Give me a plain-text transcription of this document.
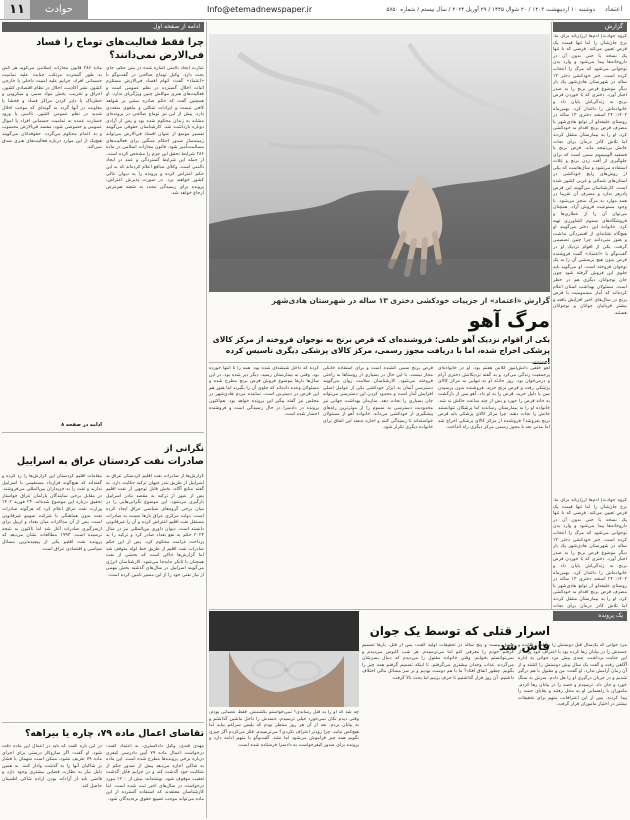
۱۱	حوادث	Info@etemadnewspaper.ir	دوشنبه ۱۰ اردیبهشت ۱۴۰۳ / ۲۰ شوال ۱۴۴۵ / ۲۹ آوریل ۲۰۲۴ / سال بیستم / شماره ۵۷۵۰	اعتماد
گزارش
گروه حوادث| آدم‌ها ارزان‌اند برای ما. نرخ جان‌شان را اما تنها قیمت یک قرص تعیین می‌کند. قرصی که با تنها یک نسخه یا حتی بدون آن در داروخانه‌ها پیدا می‌شود و وارد بدن نوجوانی می‌شود که مرگ را انتخاب کرده است. خبر خودکشی دختر ۱۳ ساله در شهرستان هادی‌شهر یک بار دیگر موضوع قرص برنج را به صدر اخبار آورد. دختری که با خوردن قرص برنج به زندگی‌اش پایان داد و خانواده‌اش را داغدار کرد. بهمن‌ماه ۱۴۰۲، ۲۴ اسفند دختری ۱۳ ساله در روستای خلیفه‌لو از توابع هادی‌شهر با مصرف قرص برنج اقدام به خودکشی کرد. او را به بیمارستان منتقل کردند اما تلاش کادر درمان برای نجات جانش بی‌نتیجه ماند. قرص برنج یا فسفید آلومینیوم سمی است که برای جلوگیری از آفت زدن برنج و غلات استفاده می‌شود و سال‌هاست که یکی از روش‌های رایج خودکشی در استان‌های شمالی و غربی کشور شده است. کارشناسان می‌گویند این قرص پادزهر ندارد و مصرف آن تقریبا در همه موارد به مرگ منجر می‌شود. با وجود ممنوعیت فروش آزاد، همچنان می‌توان آن را از عطاری‌ها و فروشگاه‌های سموم کشاورزی تهیه کرد. خانواده این دختر می‌گویند او هیچ‌گاه نشانه‌ای از افسردگی نداشت و هنوز نمی‌دانند چرا چنین تصمیمی گرفت. یکی از اقوام نزدیک او در گفت‌وگو با «اعتماد» گفت فروشنده قرص بدون هیچ پرسشی آن را به یک نوجوان فروخته است. او می‌گوید باید جلوی این فروش گرفته شود چون جان نوجوانان دیگری هم در خطر است. مسئولان بهداشت استان اعلام کرده‌اند که آمار مسمومیت با قرص برنج در سال‌های اخیر افزایش یافته و بیشتر قربانیان جوانان و نوجوانان هستند.
گزارش «اعتماد» از جزییات خودکشی دختری ۱۳ ساله در شهرستان هادی‌شهر
مرگ آهو
یکی از اقوام نزدیک آهو خلفی: فروشنده‌ای که قرص برنج به نوجوان فروخته از مرکز کالای پزشکی اخراج شده، اما با دریافت مجوز رسمی، مرکز کالای پزشکی دیگری تاسیس کرده
آهو خلفی دانش‌آموز کلاس هفتم بود. او در خانواده‌ای پرجمعیت زندگی می‌کرد و به گفته نزدیکانش دختری آرام و درس‌خوان بود. روز حادثه او به تنهایی به مرکز کالای پزشکی رفت و قرص برنج خرید. فروشنده بدون پرسیدن سن یا دلیل خرید، قرص را به او داد. آهو پس از بازگشت به خانه قرص را خورد و پس از چند ساعت حالش بد شد. خانواده او را به بیمارستان رساندند اما پزشکان نتوانستند جانش را نجات دهند. چرا مرکز کالای پزشکی باید قرص برنج بفروشد؟ فروشنده از مرکز کالای پزشکی اخراج شد اما مدتی بعد با مجوز رسمی مرکز دیگری راه انداخت.
قرص برنج سمی کشنده است و برای استفاده خانگی مجاز نیست. با این حال در بسیاری از روستاها به راحتی فروخته می‌شود. کارشناسان سلامت روان می‌گویند دسترسی آسان به ابزار خودکشی یکی از عوامل اصلی افزایش آمار است و محدود کردن این دسترسی می‌تواند جان بسیاری را نجات دهد. سازمان بهداشت جهانی نیز محدودیت دسترسی به سموم را از موثرترین راه‌های پیشگیری از خودکشی می‌داند. خانواده آهو از مسئولان خواسته‌اند تا رسیدگی کنند و اجازه ندهند این اتفاق برای خانواده دیگری تکرار شود.
کرده که داخل شیشه‌ای شده بود. همه را تا انتها خورده بود. وقتی به بیمارستان رسید، دیگر دیر شده بود. در این سال‌ها بارها موضوع فروش قرص برنج مطرح شده و مسئولان وعده داده‌اند که جلوی آن را بگیرند اما هنوز هم این قرص در دسترس است. نماینده مردم هادی‌شهر در مجلس نیز گفته پیگیر این پرونده خواهد بود. هم‌اکنون پرونده در دادسرا در حال رسیدگی است و فروشنده احضار شده است.
گروه حوادث| آدم‌ها ارزان‌اند برای ما. نرخ جان‌شان را اما تنها قیمت یک قرص تعیین می‌کند. قرصی که با تنها یک نسخه یا حتی بدون آن در داروخانه‌ها پیدا می‌شود و وارد بدن نوجوانی می‌شود که مرگ را انتخاب کرده است. خبر خودکشی دختر ۱۳ ساله در شهرستان هادی‌شهر یک بار دیگر موضوع قرص برنج را به صدر اخبار آورد. دختری که با خوردن قرص برنج به زندگی‌اش پایان داد و خانواده‌اش را داغدار کرد. بهمن‌ماه ۱۴۰۲، ۲۴ اسفند دختری ۱۳ ساله در روستای خلیفه‌لو از توابع هادی‌شهر با مصرف قرص برنج اقدام به خودکشی کرد. او را به بیمارستان منتقل کردند اما تلاش کادر درمان برای نجات
ادامه از صفحه اول
چرا فقط فعالیت‌های توماج را فساد فی‌الارض نمی‌دانند؟
عبارت ایجاد ناامنی اشاره شده در متن حکم، جای بحث دارد. وکیل توماج صالحی در گفت‌وگو با «اعتماد» گفت: اتهام افساد فی‌الارض مستلزم اثبات اخلال گسترده در نظم عمومی است و فعالیت‌های هنری موکلش چنین ویژگی‌ای ندارد. او همچنین گفت که حکم صادره مبتنی بر شواهد کافی نیست و ایرادات شکلی و ماهوی متعددی دارد. پیش از این نیز توماج صالحی در پرونده‌ای مشابه به زندان محکوم شده بود و پس از آزادی دوباره بازداشت شد. کارشناسان حقوقی می‌گویند تفسیر موسع از عنوان افساد فی‌الارض می‌تواند زمینه‌ساز صدور احکام سنگین برای فعالیت‌های مسالمت‌آمیز شود. قانون مجازات اسلامی در ماده ۲۸۶ شرایط تحقق این جرم را مشخص کرده است. از جمله این شرایط گستردگی و عمد در ایجاد ناامنی است. وکلای مدافع اعلام کرده‌اند که به این حکم اعتراض کرده و پرونده را به دیوان عالی کشور خواهند برد. در صورت پذیرش اعتراض، پرونده برای رسیدگی مجدد به شعبه هم‌عرض ارجاع خواهد شد.
ماده ۲۸۶ قانون مجازات اسلامی می‌گوید هر کس به طور گسترده مرتکب جنایت علیه تمامیت جسمانی افراد، جرایم علیه امنیت داخلی یا خارجی کشور، نشر اکاذیب، اخلال در نظام اقتصادی کشور، احراق و تخریب، پخش مواد سمی و میکروبی و خطرناک یا دایر کردن مراکز فساد و فحشا یا معاونت در آنها گردد به گونه‌ای که موجب اخلال شدید در نظم عمومی کشور، ناامنی یا ورود خسارت عمده به تمامیت جسمانی افراد یا اموال عمومی و خصوصی شود، مفسد فی‌الارض محسوب و به اعدام محکوم می‌گردد. حقوقدانان می‌گویند هیچ‌یک از این موارد درباره فعالیت‌های هنری صدق نمی‌کند.
ادامه در صفحه ۸
نگرانی از
صادرات نفت کردستان عراق به اسراییل
گزارش‌ها از صادرات نفت اقلیم کردستان عراق به اسراییل از طریق بندر جیهان ترکیه حکایت دارد. به گفته منابع آگاه، بخش قابل توجهی از نفت اقلیم پس از عبور از ترکیه به مقصد بنادر اسراییل بارگیری می‌شود. این موضوع نگرانی‌هایی را در میان برخی گروه‌های سیاسی عراق ایجاد کرده است. دولت مرکزی عراق بارها نسبت به صادرات مستقل نفت اقلیم اعتراض کرده و آن را غیرقانونی دانسته است. دیوان داوری بین‌المللی نیز در سال ۲۰۲۳ حکم به نفع بغداد صادر کرد و ترکیه را به پرداخت غرامت محکوم کرد. پس از این حکم صادرات نفت اقلیم از طریق خط لوله متوقف شد اما گزارش‌ها حاکی است که بخشی از نفت همچنان با تانکر جابه‌جا می‌شود. کارشناسان انرژی می‌گویند اسراییل در سال‌های گذشته بخش مهمی از نیاز نفتی خود را از این مسیر تامین کرده است.
مقامات اقلیم کردستان این گزارش‌ها را رد کرده و گفته‌اند که هیچ‌گونه قرارداد مستقیمی با اسراییل ندارند و نفت را به خریداران بین‌المللی می‌فروشند. در مقابل برخی نمایندگان پارلمان عراق خواستار تحقیق درباره این موضوع شده‌اند. ۲۴ فوریه ۱۴۰۲ وزارت نفت عراق اعلام کرد که هرگونه صادرات نفت بدون هماهنگی با شرکت سومو غیرقانونی است. پس از آن مذاکرات میان بغداد و اربیل برای ازسرگیری صادرات آغاز شد اما تاکنون به نتیجه نرسیده است. ۱۹۹۳ مطالعات نشان می‌دهد که پرونده نفت اقلیم یکی از پیچیده‌ترین مسائل سیاسی و اقتصادی عراق است.
تقاضای اعمال ماده ۷۹، چاره یا بیراهه؟
مهدی قندی، وکیل دادگستری، به اعتماد گفت: درخواست اعمال ماده ۷۹ آیین دادرسی کیفری درباره برخی پرونده‌ها مطرح شده است. این ماده به شاکی اجازه می‌دهد پیش از صدور حکم از شکایت خود گذشت کند و در جرایم قابل گذشت تعقیب موقوف شود. نوشته‌اند: بیش از ۱۲۰۰ مورد درخواست در سال‌های اخیر ثبت شده است. اما کارشناسان معتقدند که استفاده گسترده از این ماده می‌تواند موجب تضییع حقوق بزه‌دیدگان شود.
در این باره گفت که باید در اعمال این ماده دقت شود. او گفت: اگر سازوکار درستی برای اجرای ماده ۷۹ تعریف نشود، ممکن است متهمان با فشار بر شاکیان آنها را به گذشت وادار کنند. به همین دلیل نیاز به نظارت قضایی بیشتری وجود دارد و قاضی باید از آزادانه بودن اراده شاکی اطمینان حاصل کند.
یک پرونده
اسرار قتلی که توسط یک جوان فاش شد
مرد جوانی که یک‌سال قبل دوستش را به قتل رسانده و جسدش را در بیابان رها کرده بود با اعتراف خود پرده از این جنایت برداشت. چندی پیش مرد جوانی به اداره آگاهی رفت و گفت یک سال پیش دوستش را کشته و از آن زمان آرامش ندارد. او گفت: من و مقتول با هم درگیر شدیم و در جریان درگیری او را هل دادم. سرش به سنگ خورد و جان داد. ترسیدم و جسد را در بیابان رها کردم. ماموران با راهنمایی او به محل رفتند و بقایای جسد را پیدا کردند. پس از این اعترافات، متهم برای تحقیقات بیشتر در اختیار ماموران قرار گرفت.
سهیل بیست و پنج ساله در تحقیقات اولیه گفت: پس از قتل، بارها تصمیم گرفتم خودم را معرفی کنم اما می‌ترسیدم. هر شب کابوس می‌دیدم و نمی‌توانستم بخوابم. وقتی خانواده مقتول را می‌دیدم که دنبال پسرشان می‌گردند عذاب وجدان بیشتری می‌گرفتم. تا اینکه تصمیم گرفتم همه چیز را بگویم. چطور اتفاق افتاد؟ ما با هم دوست بودیم و بر سر مسائل مالی اختلاف داشتیم. آن روز قرار گذاشتیم تا حرف بزنیم اما بحث بالا گرفت.
چه شد که او را به قتل رساندی؟ نمی‌خواستم بکشمش. فقط عصبانی بودم. وقتی دیدم تکان نمی‌خورد خیلی ترسیدم. جسدش را داخل ماشین گذاشتم و به بیابان بردم. بعد از آن هر روز منتظر بودم که پلیس سراغم بیاید اما هیچ‌کس نیامد. چرا زودتر اعتراف نکردی؟ می‌ترسیدم. فکر می‌کردم اگر چیزی نگویم همه چیز فراموش می‌شود اما نشد. گفت‌وگو با متهم ادامه دارد و پرونده برای صدور کیفرخواست به دادسرا فرستاده شده است.
